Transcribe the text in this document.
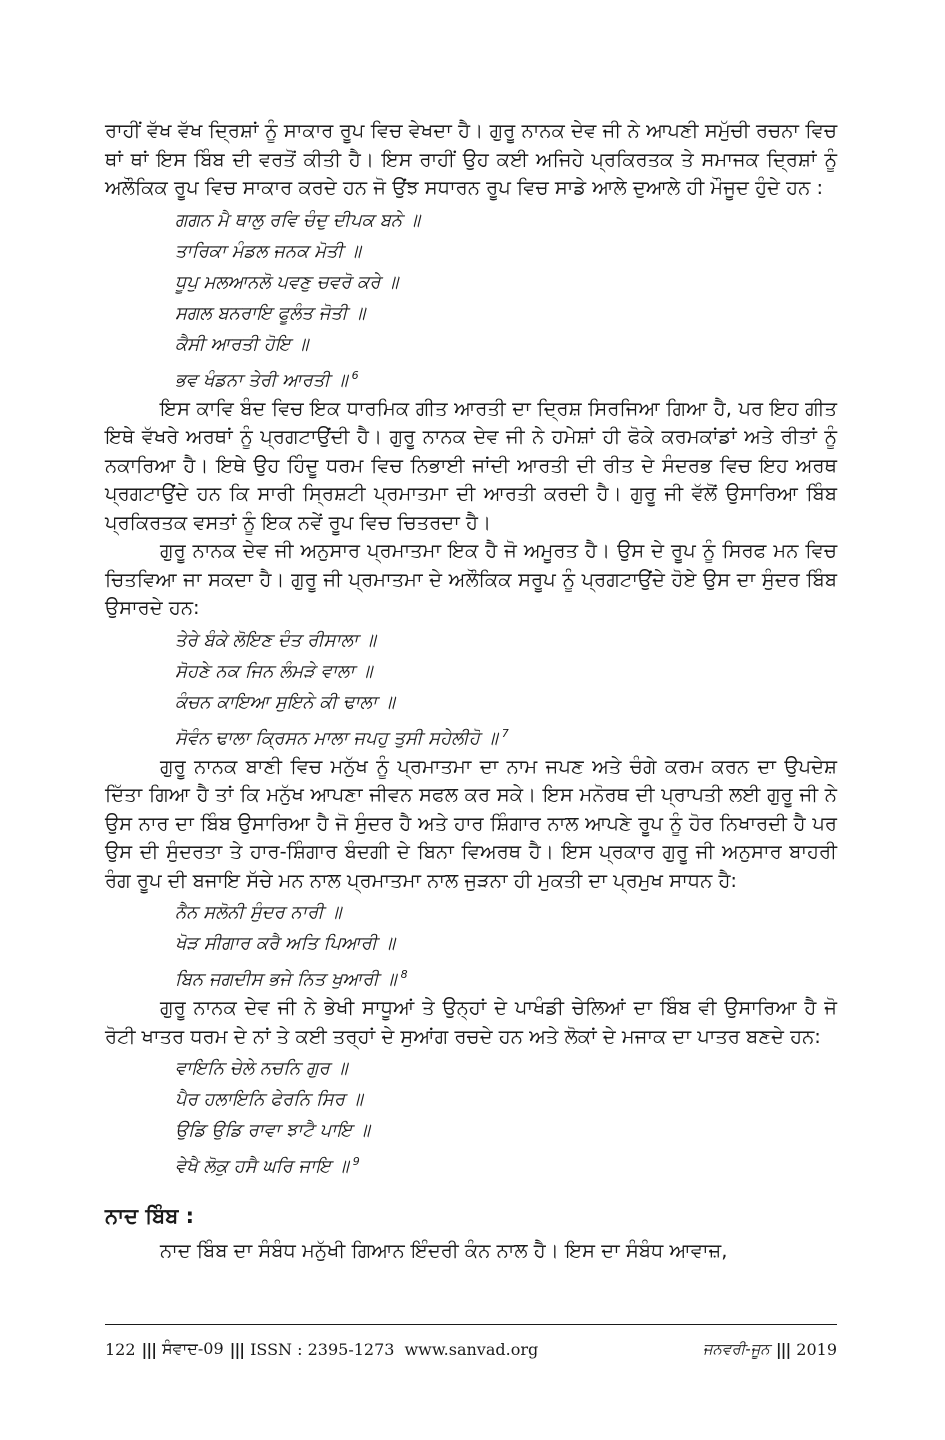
ਰਾਹੀਂ ਵੱਖ ਵੱਖ ਦ੍ਰਿਸ਼ਾਂ ਨੂੰ ਸਾਕਾਰ ਰੂਪ ਵਿਚ ਵੇਖਦਾ ਹੈ। ਗੁਰੂ ਨਾਨਕ ਦੇਵ ਜੀ ਨੇ ਆਪਣੀ ਸਮੁੱਚੀ ਰਚਨਾ ਵਿਚ ਥਾਂ ਥਾਂ ਇਸ ਬਿੰਬ ਦੀ ਵਰਤੋਂ ਕੀਤੀ ਹੈ। ਇਸ ਰਾਹੀਂ ਉਹ ਕਈ ਅਜਿਹੇ ਪ੍ਰਕਿਰਤਕ ਤੇ ਸਮਾਜਕ ਦ੍ਰਿਸ਼ਾਂ ਨੂੰ ਅਲੌਕਿਕ ਰੂਪ ਵਿਚ ਸਾਕਾਰ ਕਰਦੇ ਹਨ ਜੋ ਉਂਝ ਸਧਾਰਨ ਰੂਪ ਵਿਚ ਸਾਡੇ ਆਲੇ ਦੁਆਲੇ ਹੀ ਮੌਜੂਦ ਹੁੰਦੇ ਹਨ :

ਗਗਨ ਮੈ ਥਾਲੁ ਰਵਿ ਚੰਦੁ ਦੀਪਕ ਬਨੇ ॥
ਤਾਰਿਕਾ ਮੰਡਲ ਜਨਕ ਮੋਤੀ ॥
ਧੂਪੁ ਮਲਆਨਲੋ ਪਵਣੁ ਚਵਰੋ ਕਰੇ ॥
ਸਗਲ ਬਨਰਾਇ ਫੂਲੰਤ ਜੋਤੀ ॥
ਕੈਸੀ ਆਰਤੀ ਹੋਇ ॥
ਭਵ ਖੰਡਨਾ ਤੇਰੀ ਆਰਤੀ ॥ $^6$

ਇਸ ਕਾਵਿ ਬੰਦ ਵਿਚ ਇਕ ਧਾਰਮਿਕ ਗੀਤ ਆਰਤੀ ਦਾ ਦ੍ਰਿਸ਼ ਸਿਰਜਿਆ ਗਿਆ ਹੈ, ਪਰ ਇਹ ਗੀਤ ਇਥੇ ਵੱਖਰੇ ਅਰਥਾਂ ਨੂੰ ਪ੍ਰਗਟਾਉਂਦੀ ਹੈ। ਗੁਰੂ ਨਾਨਕ ਦੇਵ ਜੀ ਨੇ ਹਮੇਸ਼ਾਂ ਹੀ ਫੋਕੇ ਕਰਮਕਾਂਡਾਂ ਅਤੇ ਰੀਤਾਂ ਨੂੰ ਨਕਾਰਿਆ ਹੈ। ਇਥੇ ਉਹ ਹਿੰਦੂ ਧਰਮ ਵਿਚ ਨਿਭਾਈ ਜਾਂਦੀ ਆਰਤੀ ਦੀ ਰੀਤ ਦੇ ਸੰਦਰਭ ਵਿਚ ਇਹ ਅਰਥ ਪ੍ਰਗਟਾਉਂਦੇ ਹਨ ਕਿ ਸਾਰੀ ਸ੍ਰਿਸ਼ਟੀ ਪ੍ਰਮਾਤਮਾ ਦੀ ਆਰਤੀ ਕਰਦੀ ਹੈ। ਗੁਰੂ ਜੀ ਵੱਲੋਂ ਉਸਾਰਿਆ ਬਿੰਬ ਪ੍ਰਕਿਰਤਕ ਵਸਤਾਂ ਨੂੰ ਇਕ ਨਵੇਂ ਰੂਪ ਵਿਚ ਚਿਤਰਦਾ ਹੈ।

ਗੁਰੂ ਨਾਨਕ ਦੇਵ ਜੀ ਅਨੁਸਾਰ ਪ੍ਰਮਾਤਮਾ ਇਕ ਹੈ ਜੋ ਅਮੂਰਤ ਹੈ। ਉਸ ਦੇ ਰੂਪ ਨੂੰ ਸਿਰਫ ਮਨ ਵਿਚ ਚਿਤਵਿਆ ਜਾ ਸਕਦਾ ਹੈ। ਗੁਰੂ ਜੀ ਪ੍ਰਮਾਤਮਾ ਦੇ ਅਲੌਕਿਕ ਸਰੂਪ ਨੂੰ ਪ੍ਰਗਟਾਉਂਦੇ ਹੋਏ ਉਸ ਦਾ ਸੁੰਦਰ ਬਿੰਬ ਉਸਾਰਦੇ ਹਨ:

ਤੇਰੇ ਬੰਕੇ ਲੋਇਣ ਦੰਤ ਰੀਸਾਲਾ ॥
ਸੋਹਣੇ ਨਕ ਜਿਨ ਲੰਮੜੇ ਵਾਲਾ ॥
ਕੰਚਨ ਕਾਇਆ ਸੁਇਨੇ ਕੀ ਢਾਲਾ ॥
ਸੋਵੰਨ ਢਾਲਾ ਕ੍ਰਿਸਨ ਮਾਲਾ ਜਪਹੁ ਤੁਸੀ ਸਹੇਲੀਹੋ ॥ $^7$

ਗੁਰੂ ਨਾਨਕ ਬਾਣੀ ਵਿਚ ਮਨੁੱਖ ਨੂੰ ਪ੍ਰਮਾਤਮਾ ਦਾ ਨਾਮ ਜਪਣ ਅਤੇ ਚੰਗੇ ਕਰਮ ਕਰਨ ਦਾ ਉਪਦੇਸ਼ ਦਿੱਤਾ ਗਿਆ ਹੈ ਤਾਂ ਕਿ ਮਨੁੱਖ ਆਪਣਾ ਜੀਵਨ ਸਫਲ ਕਰ ਸਕੇ। ਇਸ ਮਨੋਰਥ ਦੀ ਪ੍ਰਾਪਤੀ ਲਈ ਗੁਰੂ ਜੀ ਨੇ ਉਸ ਨਾਰ ਦਾ ਬਿੰਬ ਉਸਾਰਿਆ ਹੈ ਜੋ ਸੁੰਦਰ ਹੈ ਅਤੇ ਹਾਰ ਸ਼ਿੰਗਾਰ ਨਾਲ ਆਪਣੇ ਰੂਪ ਨੂੰ ਹੋਰ ਨਿਖਾਰਦੀ ਹੈ ਪਰ ਉਸ ਦੀ ਸੁੰਦਰਤਾ ਤੇ ਹਾਰ-ਸ਼ਿੰਗਾਰ ਬੰਦਗੀ ਦੇ ਬਿਨਾ ਵਿਅਰਥ ਹੈ। ਇਸ ਪ੍ਰਕਾਰ ਗੁਰੂ ਜੀ ਅਨੁਸਾਰ ਬਾਹਰੀ ਰੰਗ ਰੂਪ ਦੀ ਬਜਾਇ ਸੱਚੇ ਮਨ ਨਾਲ ਪ੍ਰਮਾਤਮਾ ਨਾਲ ਜੁੜਨਾ ਹੀ ਮੁਕਤੀ ਦਾ ਪ੍ਰਮੁਖ ਸਾਧਨ ਹੈ:

ਨੈਨ ਸਲੋਨੀ ਸੁੰਦਰ ਨਾਰੀ ॥
ਖੋੜ ਸੀਗਾਰ ਕਰੈ ਅਤਿ ਪਿਆਰੀ ॥
ਬਿਨ ਜਗਦੀਸ ਭਜੇ ਨਿਤ ਖੁਆਰੀ ॥ $^8$

ਗੁਰੂ ਨਾਨਕ ਦੇਵ ਜੀ ਨੇ ਭੇਖੀ ਸਾਧੂਆਂ ਤੇ ਉਨ੍ਹਾਂ ਦੇ ਪਾਖੰਡੀ ਚੇਲਿਆਂ ਦਾ ਬਿੰਬ ਵੀ ਉਸਾਰਿਆ ਹੈ ਜੋ ਰੋਟੀ ਖਾਤਰ ਧਰਮ ਦੇ ਨਾਂ ਤੇ ਕਈ ਤਰ੍ਹਾਂ ਦੇ ਸੁਆਂਗ ਰਚਦੇ ਹਨ ਅਤੇ ਲੋਕਾਂ ਦੇ ਮਜਾਕ ਦਾ ਪਾਤਰ ਬਣਦੇ ਹਨ:

ਵਾਇਨਿ ਚੇਲੇ ਨਚਨਿ ਗੁਰ ॥
ਪੈਰ ਹਲਾਇਨਿ ਫੇਰਨਿ ਸਿਰ ॥
ਉਡਿ ਉਡਿ ਰਾਵਾ ਝਾਟੈ ਪਾਇ ॥
ਵੇਖੈ ਲੋਕੁ ਹਸੈ ਘਰਿ ਜਾਇ ॥ $^9$
ਨਾਦ ਬਿੰਬ :

ਨਾਦ ਬਿੰਬ ਦਾ ਸੰਬੰਧ ਮਨੁੱਖੀ ਗਿਆਨ ਇੰਦਰੀ ਕੰਨ ਨਾਲ ਹੈ। ਇਸ ਦਾ ਸੰਬੰਧ ਆਵਾਜ਼,

122 ||| ਸੰਵਾਦ-09 ||| ISSN : 2395-1273 www.sanvad.org	ਜਨਵਰੀ-ਜੂਨ ||| 2019
